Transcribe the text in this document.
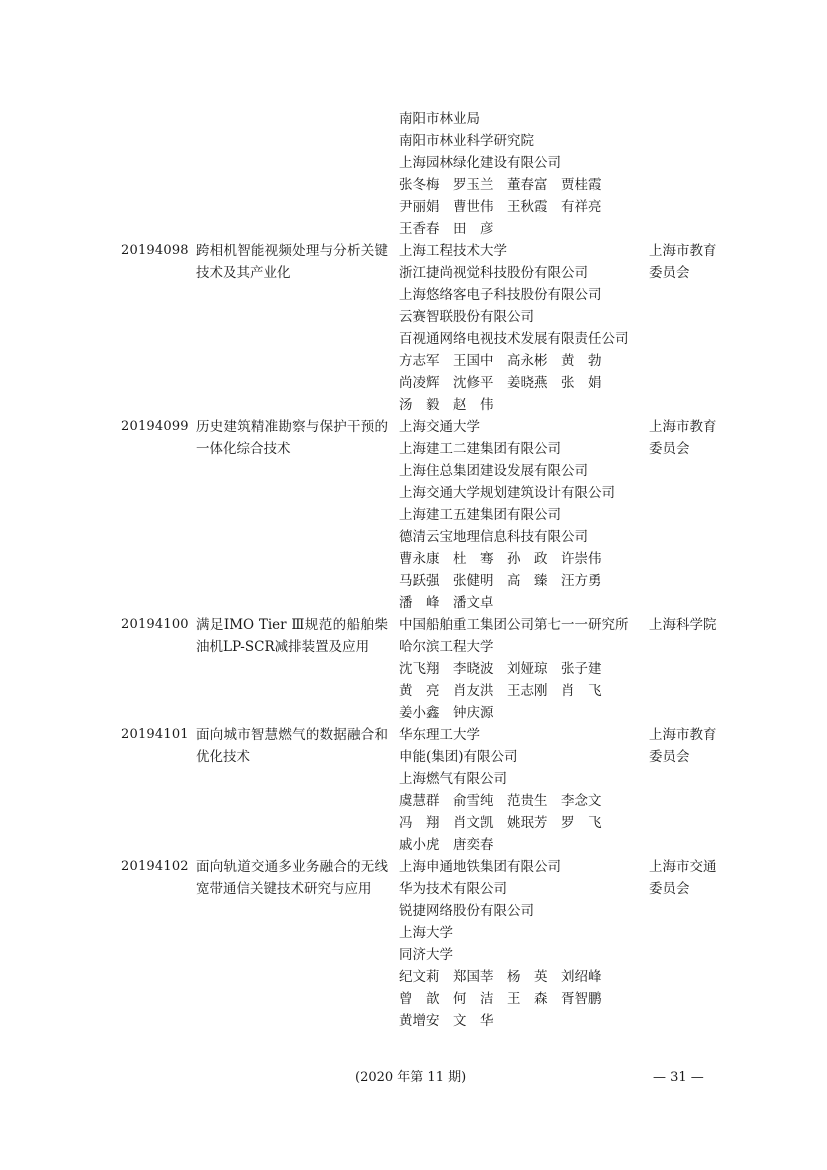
南阳市林业局
南阳市林业科学研究院
上海园林绿化建设有限公司
张冬梅　罗玉兰　董春富　贾桂霞
尹丽娟　曹世伟　王秋霞　有祥亮
王香春　田　彦
20194098 跨相机智能视频处理与分析关键技术及其产业化
上海市教育委员会
上海工程技术大学
浙江捷尚视觉科技股份有限公司
上海悠络客电子科技股份有限公司
云赛智联股份有限公司
百视通网络电视技术发展有限责任公司
方志军　王国中　高永彬　黄　勃
尚凌辉　沈修平　姜晓燕　张　娟
汤　毅　赵　伟
20194099 历史建筑精准勘察与保护干预的一体化综合技术
上海市教育委员会
上海交通大学
上海建工二建集团有限公司
上海住总集团建设发展有限公司
上海交通大学规划建筑设计有限公司
上海建工五建集团有限公司
德清云宝地理信息科技有限公司
曹永康　杜　骞　孙　政　许崇伟
马跃强　张健明　高　臻　汪方勇
潘　峰　潘文卓
20194100 满足IMO Tier Ⅲ规范的船舶柴油机LP-SCR减排装置及应用
上海科学院
中国船舶重工集团公司第七一一研究所
哈尔滨工程大学
沈飞翔　李晓波　刘娅琼　张子建
黄　亮　肖友洪　王志刚　肖　飞
姜小鑫　钟庆源
20194101 面向城市智慧燃气的数据融合和优化技术
上海市教育委员会
华东理工大学
申能(集团)有限公司
上海燃气有限公司
虞慧群　俞雪纯　范贵生　李念文
冯　翔　肖文凯　姚珉芳　罗　飞
戚小虎　唐奕春
20194102 面向轨道交通多业务融合的无线宽带通信关键技术研究与应用
上海市交通委员会
上海申通地铁集团有限公司
华为技术有限公司
锐捷网络股份有限公司
上海大学
同济大学
纪文莉　郑国莘　杨　英　刘绍峰
曾　歆　何　洁　王　森　胥智鹏
黄增安　文　华
(2020 年第 11 期)	— 31 —
